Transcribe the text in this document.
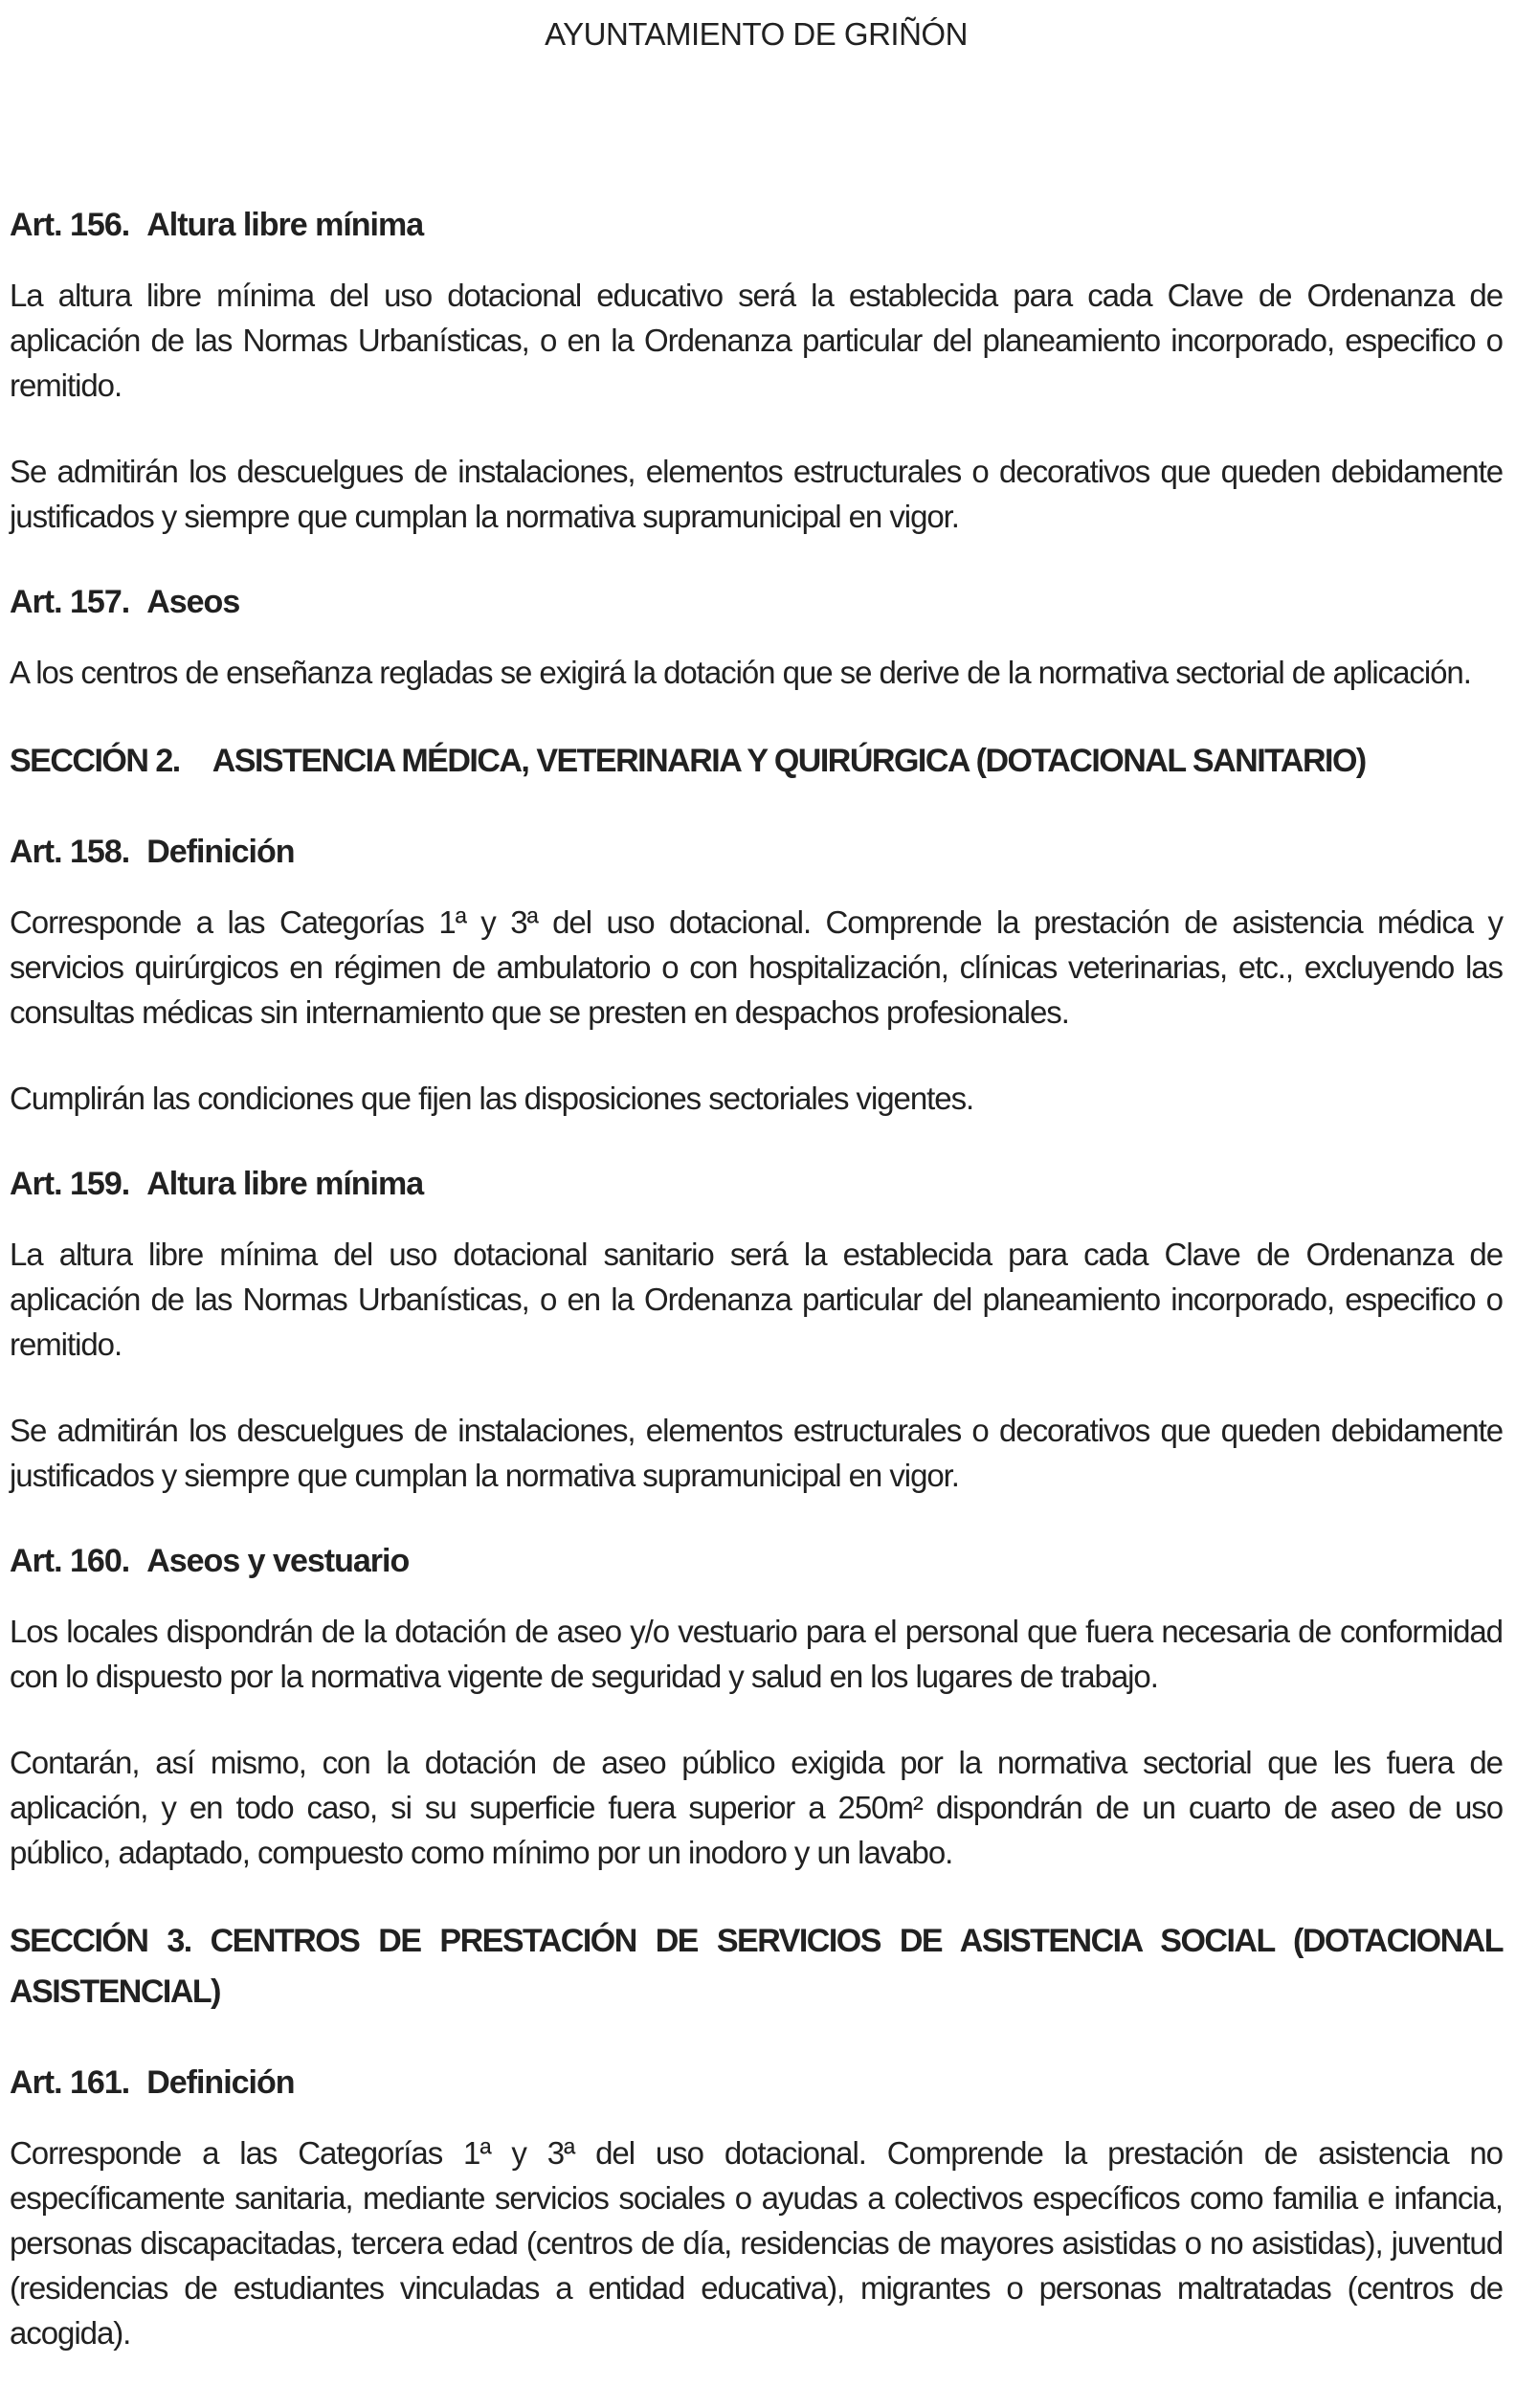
AYUNTAMIENTO DE GRIÑÓN
Art. 156. Altura libre mínima

La altura libre mínima del uso dotacional educativo será la establecida para cada Clave de Ordenanza de aplicación de las Normas Urbanísticas, o en la Ordenanza particular del planeamiento incorporado, especifico o remitido.

Se admitirán los descuelgues de instalaciones, elementos estructurales o decorativos que queden debidamente justificados y siempre que cumplan la normativa supramunicipal en vigor.

Art. 157. Aseos

A los centros de enseñanza regladas se exigirá la dotación que se derive de la normativa sectorial de aplicación.

SECCIÓN 2. ASISTENCIA MÉDICA, VETERINARIA Y QUIRÚRGICA (DOTACIONAL SANITARIO)
Art. 158. Definición

Corresponde a las Categorías 1ª y 3ª del uso dotacional. Comprende la prestación de asistencia médica y servicios quirúrgicos en régimen de ambulatorio o con hospitalización, clínicas veterinarias, etc., excluyendo las consultas médicas sin internamiento que se presten en despachos profesionales.

Cumplirán las condiciones que fijen las disposiciones sectoriales vigentes.

Art. 159. Altura libre mínima

La altura libre mínima del uso dotacional sanitario será la establecida para cada Clave de Ordenanza de aplicación de las Normas Urbanísticas, o en la Ordenanza particular del planeamiento incorporado, especifico o remitido.

Se admitirán los descuelgues de instalaciones, elementos estructurales o decorativos que queden debidamente justificados y siempre que cumplan la normativa supramunicipal en vigor.

Art. 160. Aseos y vestuario

Los locales dispondrán de la dotación de aseo y/o vestuario para el personal que fuera necesaria de conformidad con lo dispuesto por la normativa vigente de seguridad y salud en los lugares de trabajo.

Contarán, así mismo, con la dotación de aseo público exigida por la normativa sectorial que les fuera de aplicación, y en todo caso, si su superficie fuera superior a 250m² dispondrán de un cuarto de aseo de uso público, adaptado, compuesto como mínimo por un inodoro y un lavabo.

SECCIÓN 3. CENTROS DE PRESTACIÓN DE SERVICIOS DE ASISTENCIA SOCIAL (DOTACIONAL ASISTENCIAL)
Art. 161. Definición

Corresponde a las Categorías 1ª y 3ª del uso dotacional. Comprende la prestación de asistencia no específicamente sanitaria, mediante servicios sociales o ayudas a colectivos específicos como familia e infancia, personas discapacitadas, tercera edad (centros de día, residencias de mayores asistidas o no asistidas), juventud (residencias de estudiantes vinculadas a entidad educativa), migrantes o personas maltratadas (centros de acogida).
